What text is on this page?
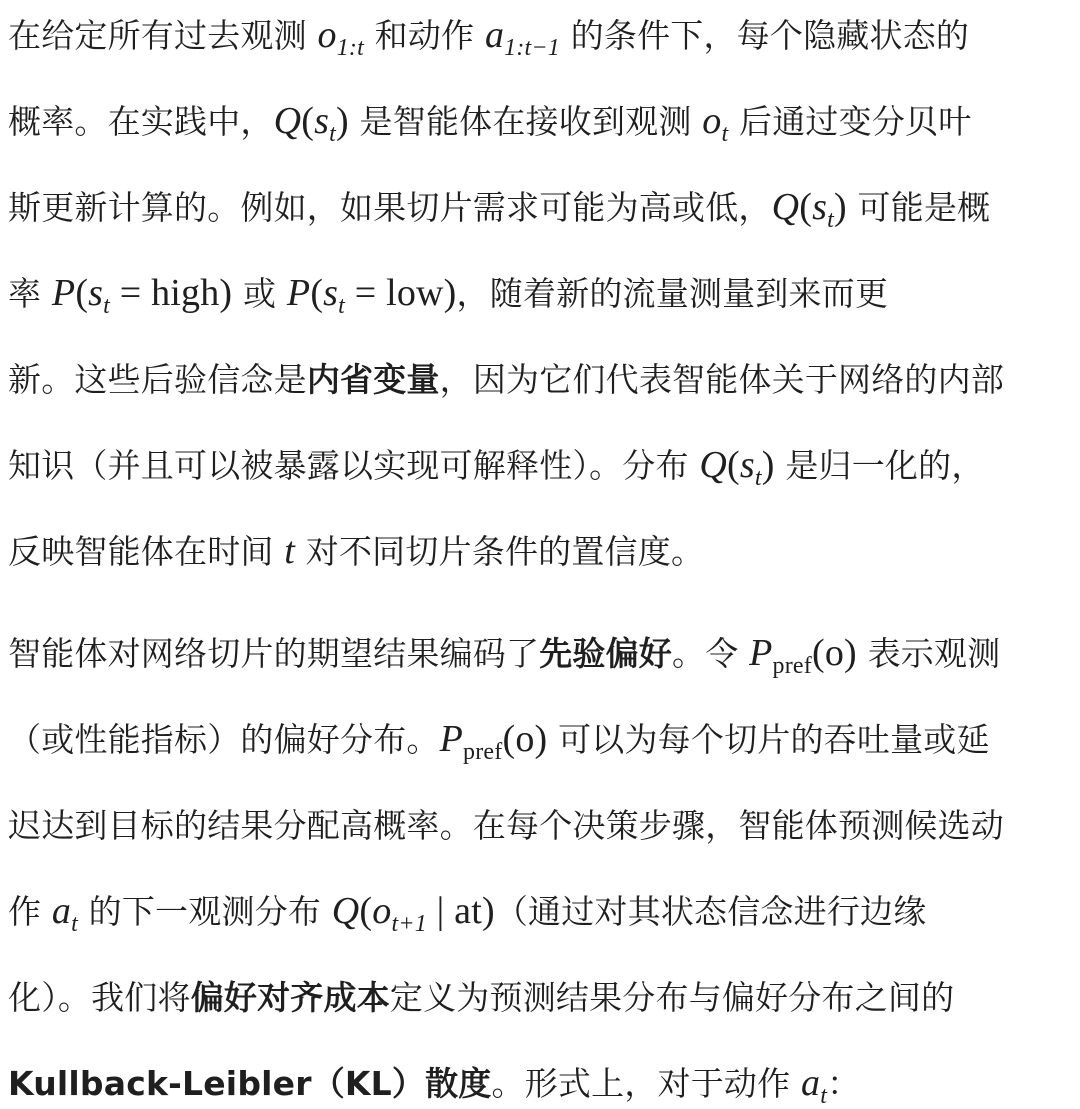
在给定所有过去观测 $o_{1:t}$ 和动作 $a_{1:t-1}$ 的条件下，每个隐藏状态的
概率。在实践中，$Q(s_t)$ 是智能体在接收到观测 $o_t$ 后通过变分贝叶
斯更新计算的。例如，如果切片需求可能为高或低，$Q(s_t)$ 可能是概
率 $P(s_t$ = high) 或 $P(s_t = low)$，随着新的流量测量到来而更
新。这些后验信念是内省变量，因为它们代表智能体关于网络的内部
知识（并且可以被暴露以实现可解释性）。分布 $Q(s_t)$ 是归一化的，
反映智能体在时间 t 对不同切片条件的置信度。
智能体对网络切片的期望结果编码了先验偏好。令 $P_{pref}(o)$ 表示观测
（或性能指标）的偏好分布。$P_{pref}(o)$ 可以为每个切片的吞吐量或延
迟达到目标的结果分配高概率。在每个决策步骤，智能体预测候选动
作 $a_t$ 的下一观测分布 $Q(o_{t+1}$ | at)（通过对其状态信念进行边缘
化）。我们将偏好对齐成本定义为预测结果分布与偏好分布之间的
Kullback-Leibler（KL）散度。形式上，对于动作 $a_t$：
